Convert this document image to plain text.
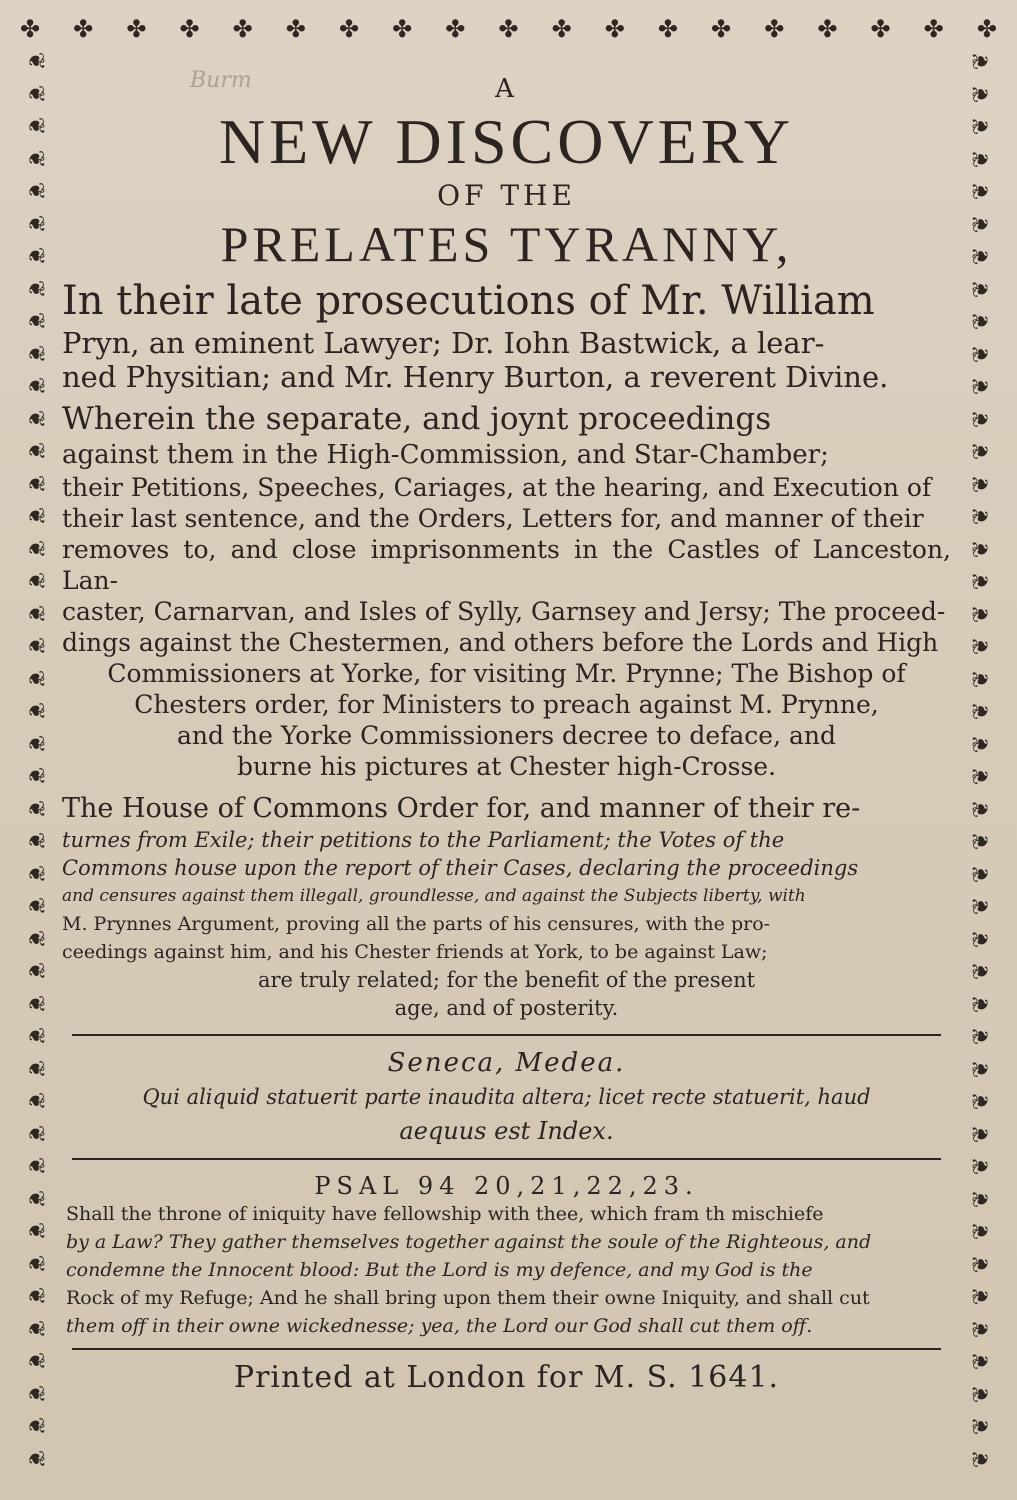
✤ ✤ ✤ ✤ ✤ ✤ ✤ ✤ ✤ ✤ ✤ ✤ ✤ ✤ ✤ ✤ ✤ ✤ ✤
❦
❦
❦
❦
❦
❦
❦
❦
❦
❦
❦
❦
❦
❦
❦
❦
❦
❦
❦
❦
❦
❦
❦
❦
❦
❦
❦
❦
❦
❦
❦
❦
❦
❦
❦
❦
❦
❦
❦
❦
❦
❦
❦
❦
❦
❦
❦
❦
❦
❦
❦
❦
❦
❦
❦
❦
❦
❦
❦
❦
❦
❦
❦
❦
❦
❦
❦
❦
❦
❦
❦
❦
❦
❦
❦
❦
❦
❦
❦
❦
❦
❦
❦
❦
❦
❦
❦
❦
Burm	A
NEW DISCOVERY
OF THE
PRELATES TYRANNY,
In their late prosecutions of Mr. William
Pryn, an eminent Lawyer; Dr. Iohn Bastwick, a lear-
ned Physitian; and Mr. Henry Burton, a reverent Divine.
Wherein the separate, and joynt proceedings
against them in the High-Commission, and Star-Chamber;
their Petitions, Speeches, Cariages, at the hearing, and Execution of
their last sentence, and the Orders, Letters for, and manner of their
removes to, and close imprisonments in the Castles of Lanceston, Lan-
caster, Carnarvan, and Isles of Sylly, Garnsey and Jersy; The proceed-
dings against the Chestermen, and others before the Lords and High
Commissioners at Yorke, for visiting Mr. Prynne; The Bishop of
Chesters order, for Ministers to preach against M. Prynne,
and the Yorke Commissioners decree to deface, and
burne his pictures at Chester high-Crosse.
The House of Commons Order for, and manner of their re-
turnes from Exile; their petitions to the Parliament; the Votes of the
Commons house upon the report of their Cases, declaring the proceedings
and censures against them illegall, groundlesse, and against the Subjects liberty, with
M. Prynnes Argument, proving all the parts of his censures, with the pro-
ceedings against him, and his Chester friends at York, to be against Law;
are truly related; for the benefit of the present
age, and of posterity.
Seneca, Medea.
Qui aliquid statuerit parte inaudita altera; licet recte statuerit, haud
aequus est Index.
PSAL 94 20,21,22,23.
Shall the throne of iniquity have fellowship with thee, which fram th mischiefe
by a Law? They gather themselves together against the soule of the Righteous, and
condemne the Innocent blood: But the Lord is my defence, and my God is the
Rock of my Refuge; And he shall bring upon them their owne Iniquity, and shall cut
them off in their owne wickednesse; yea, the Lord our God shall cut them off.
Printed at London for M. S. 1641.
